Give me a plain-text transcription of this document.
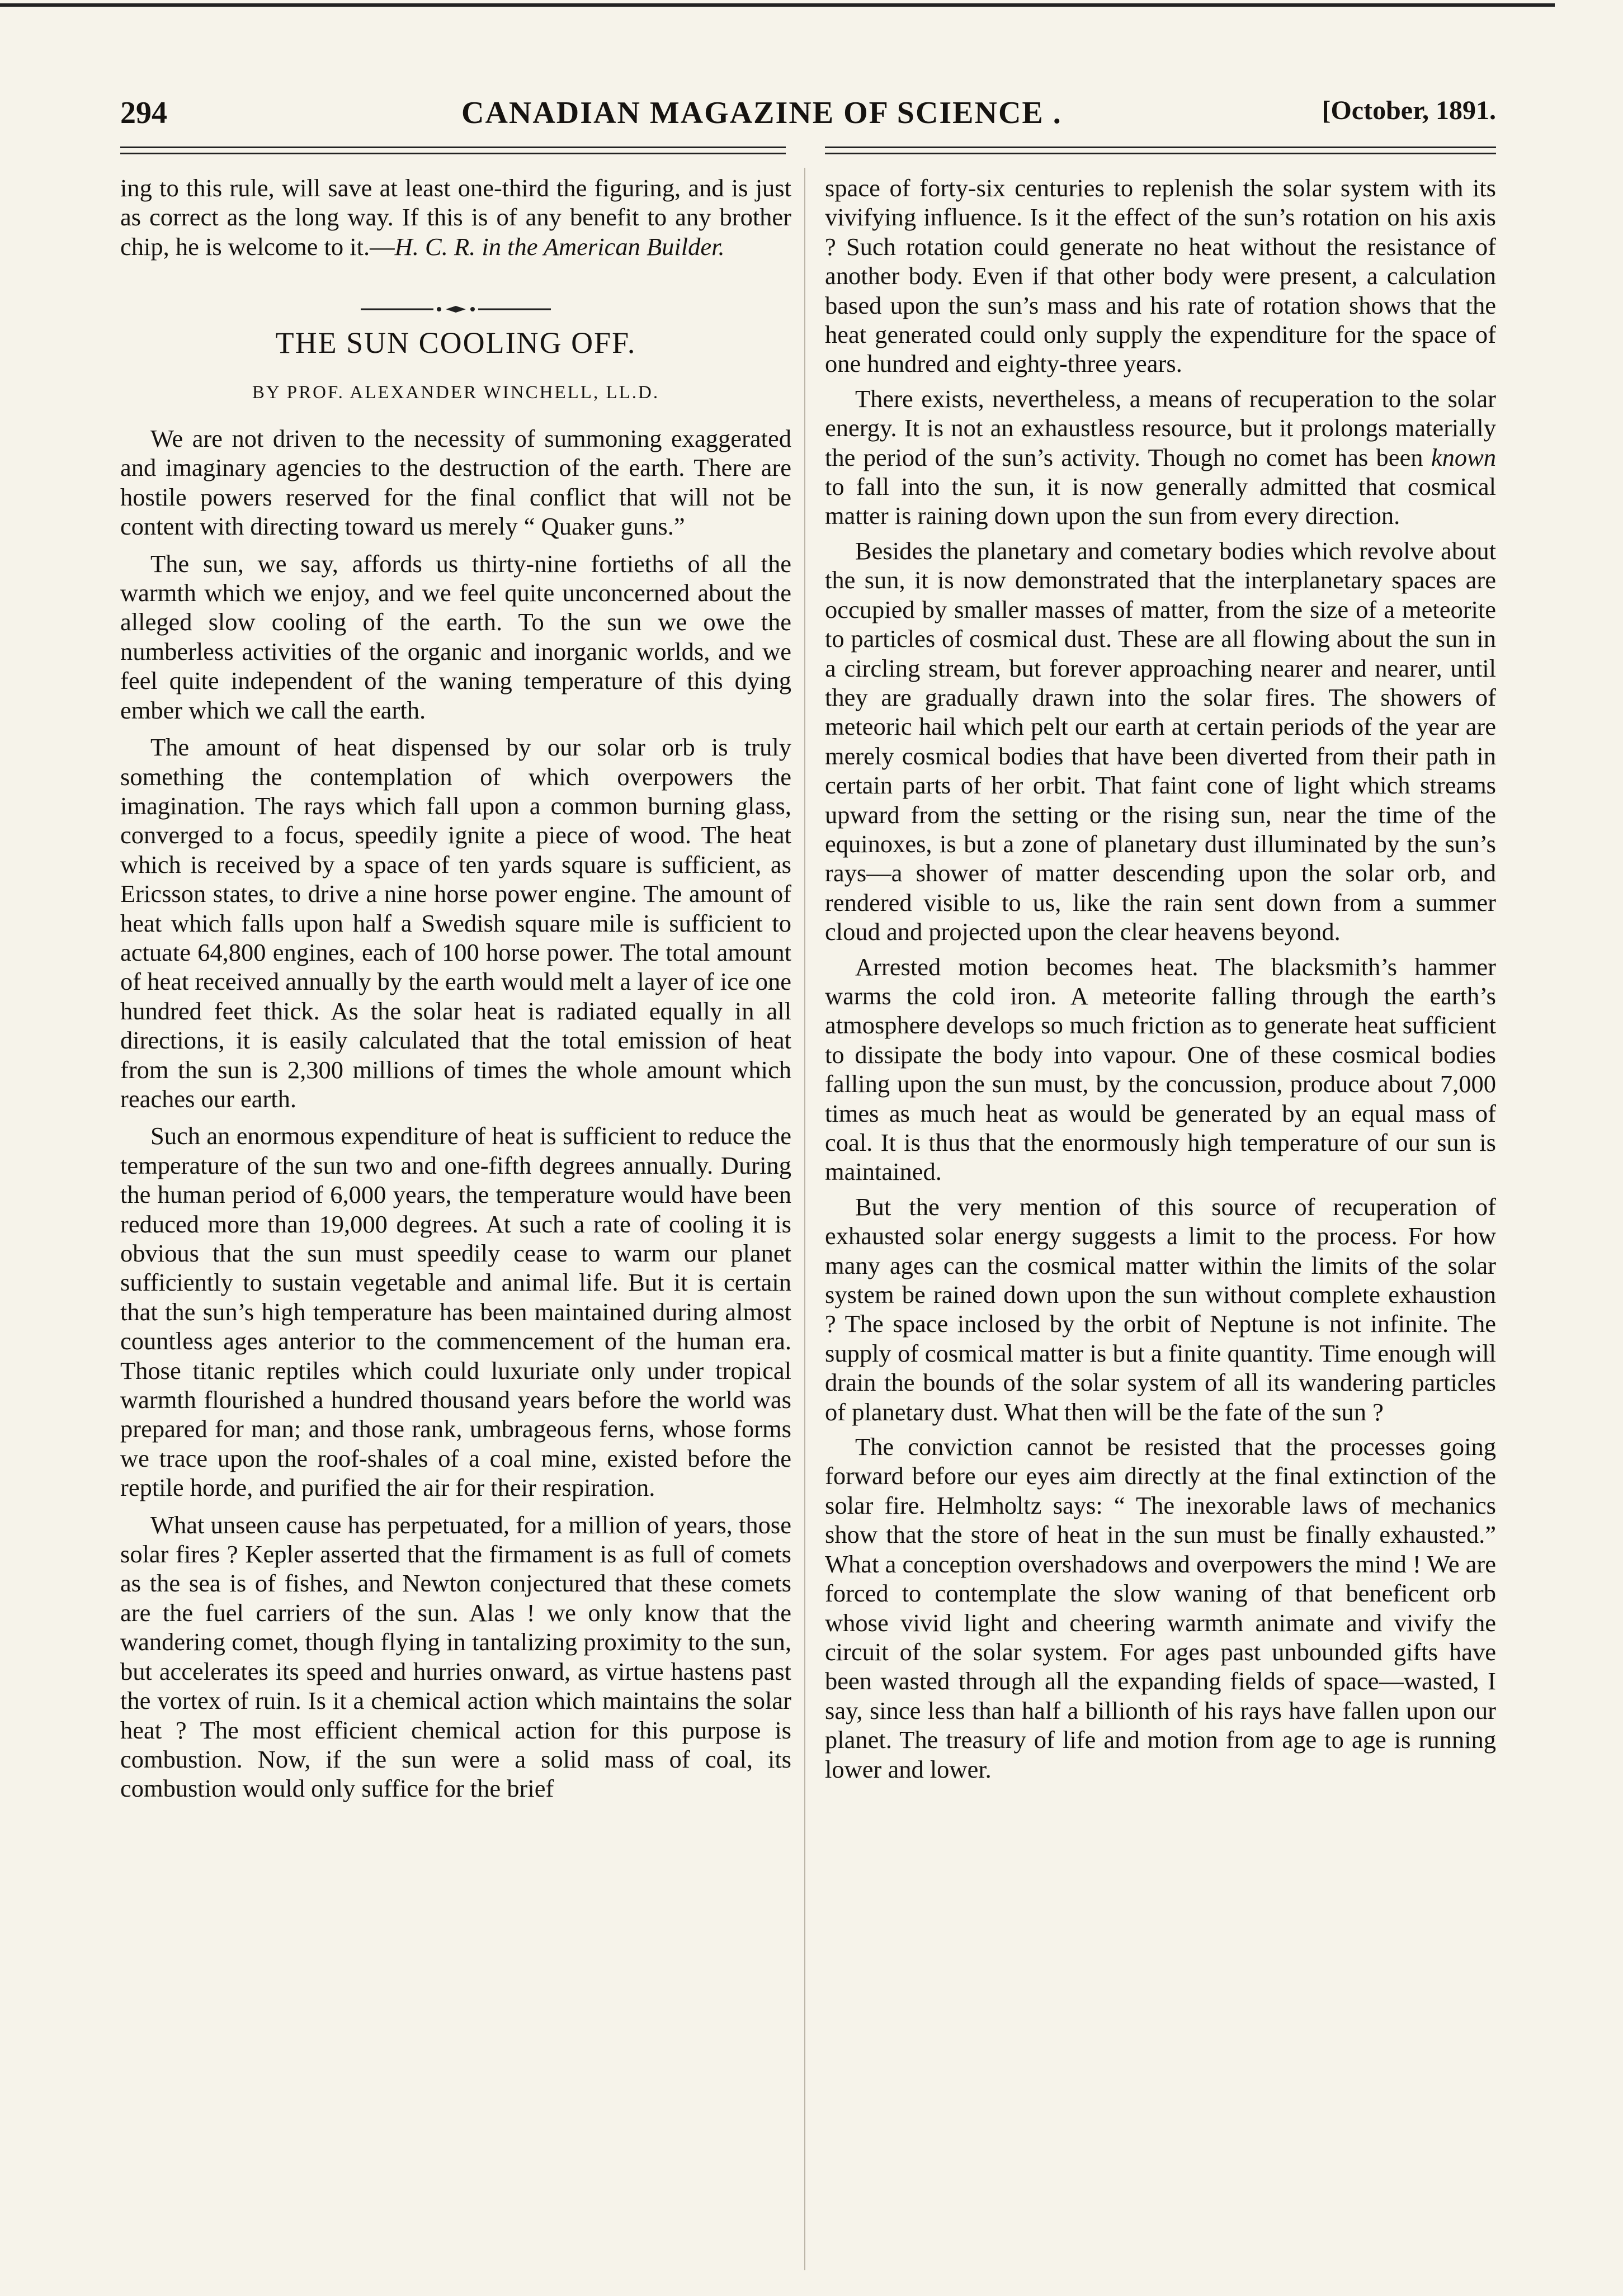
294	CANADIAN MAGAZINE OF SCIENCE .	[October, 1891.

ing to this rule, will save at least one-third the figuring, and is just as correct as the long way. If this is of any benefit to any brother chip, he is welcome to it.—H. C. R. in the American Builder.

THE SUN COOLING OFF.
BY PROF. ALEXANDER WINCHELL, LL.D.

We are not driven to the necessity of summoning exaggerated and imaginary agencies to the destruction of the earth. There are hostile powers reserved for the final conflict that will not be content with directing toward us merely “ Quaker guns.”

The sun, we say, affords us thirty-nine fortieths of all the warmth which we enjoy, and we feel quite unconcerned about the alleged slow cooling of the earth. To the sun we owe the numberless activities of the organic and inorganic worlds, and we feel quite independent of the waning temperature of this dying ember which we call the earth.

The amount of heat dispensed by our solar orb is truly something the contemplation of which overpowers the imagination. The rays which fall upon a common burning glass, converged to a focus, speedily ignite a piece of wood. The heat which is received by a space of ten yards square is sufficient, as Ericsson states, to drive a nine horse power engine. The amount of heat which falls upon half a Swedish square mile is sufficient to actuate 64,800 engines, each of 100 horse power. The total amount of heat received annually by the earth would melt a layer of ice one hundred feet thick. As the solar heat is radiated equally in all directions, it is easily calculated that the total emission of heat from the sun is 2,300 millions of times the whole amount which reaches our earth.

Such an enormous expenditure of heat is sufficient to reduce the temperature of the sun two and one-fifth degrees annually. During the human period of 6,000 years, the temperature would have been reduced more than 19,000 degrees. At such a rate of cooling it is obvious that the sun must speedily cease to warm our planet sufficiently to sustain vegetable and animal life. But it is certain that the sun’s high temperature has been maintained during almost countless ages anterior to the commencement of the human era. Those titanic reptiles which could luxuriate only under tropical warmth flourished a hundred thousand years before the world was prepared for man; and those rank, umbrageous ferns, whose forms we trace upon the roof-shales of a coal mine, existed before the reptile horde, and purified the air for their respiration.

What unseen cause has perpetuated, for a million of years, those solar fires ? Kepler asserted that the firmament is as full of comets as the sea is of fishes, and Newton conjectured that these comets are the fuel carriers of the sun. Alas ! we only know that the wandering comet, though flying in tantalizing proximity to the sun, but accelerates its speed and hurries onward, as virtue hastens past the vortex of ruin. Is it a chemical action which maintains the solar heat ? The most efficient chemical action for this purpose is combustion. Now, if the sun were a solid mass of coal, its combustion would only suffice for the brief

space of forty-six centuries to replenish the solar system with its vivifying influence. Is it the effect of the sun’s rotation on his axis ? Such rotation could generate no heat without the resistance of another body. Even if that other body were present, a calculation based upon the sun’s mass and his rate of rotation shows that the heat generated could only supply the expenditure for the space of one hundred and eighty-three years.

There exists, nevertheless, a means of recuperation to the solar energy. It is not an exhaustless resource, but it prolongs materially the period of the sun’s activity. Though no comet has been known to fall into the sun, it is now generally admitted that cosmical matter is raining down upon the sun from every direction.

Besides the planetary and cometary bodies which revolve about the sun, it is now demonstrated that the interplanetary spaces are occupied by smaller masses of matter, from the size of a meteorite to particles of cosmical dust. These are all flowing about the sun in a circling stream, but forever approaching nearer and nearer, until they are gradually drawn into the solar fires. The showers of meteoric hail which pelt our earth at certain periods of the year are merely cosmical bodies that have been diverted from their path in certain parts of her orbit. That faint cone of light which streams upward from the setting or the rising sun, near the time of the equinoxes, is but a zone of planetary dust illuminated by the sun’s rays—a shower of matter descending upon the solar orb, and rendered visible to us, like the rain sent down from a summer cloud and projected upon the clear heavens beyond.

Arrested motion becomes heat. The blacksmith’s hammer warms the cold iron. A meteorite falling through the earth’s atmosphere develops so much friction as to generate heat sufficient to dissipate the body into vapour. One of these cosmical bodies falling upon the sun must, by the concussion, produce about 7,000 times as much heat as would be generated by an equal mass of coal. It is thus that the enormously high temperature of our sun is maintained.

But the very mention of this source of recuperation of exhausted solar energy suggests a limit to the process. For how many ages can the cosmical matter within the limits of the solar system be rained down upon the sun without complete exhaustion ? The space inclosed by the orbit of Neptune is not infinite. The supply of cosmical matter is but a finite quantity. Time enough will drain the bounds of the solar system of all its wandering particles of planetary dust. What then will be the fate of the sun ?

The conviction cannot be resisted that the processes going forward before our eyes aim directly at the final extinction of the solar fire. Helmholtz says: “ The inexorable laws of mechanics show that the store of heat in the sun must be finally exhausted.” What a conception overshadows and overpowers the mind ! We are forced to contemplate the slow waning of that beneficent orb whose vivid light and cheering warmth animate and vivify the circuit of the solar system. For ages past unbounded gifts have been wasted through all the expanding fields of space—wasted, I say, since less than half a billionth of his rays have fallen upon our planet. The treasury of life and motion from age to age is running lower and lower.
